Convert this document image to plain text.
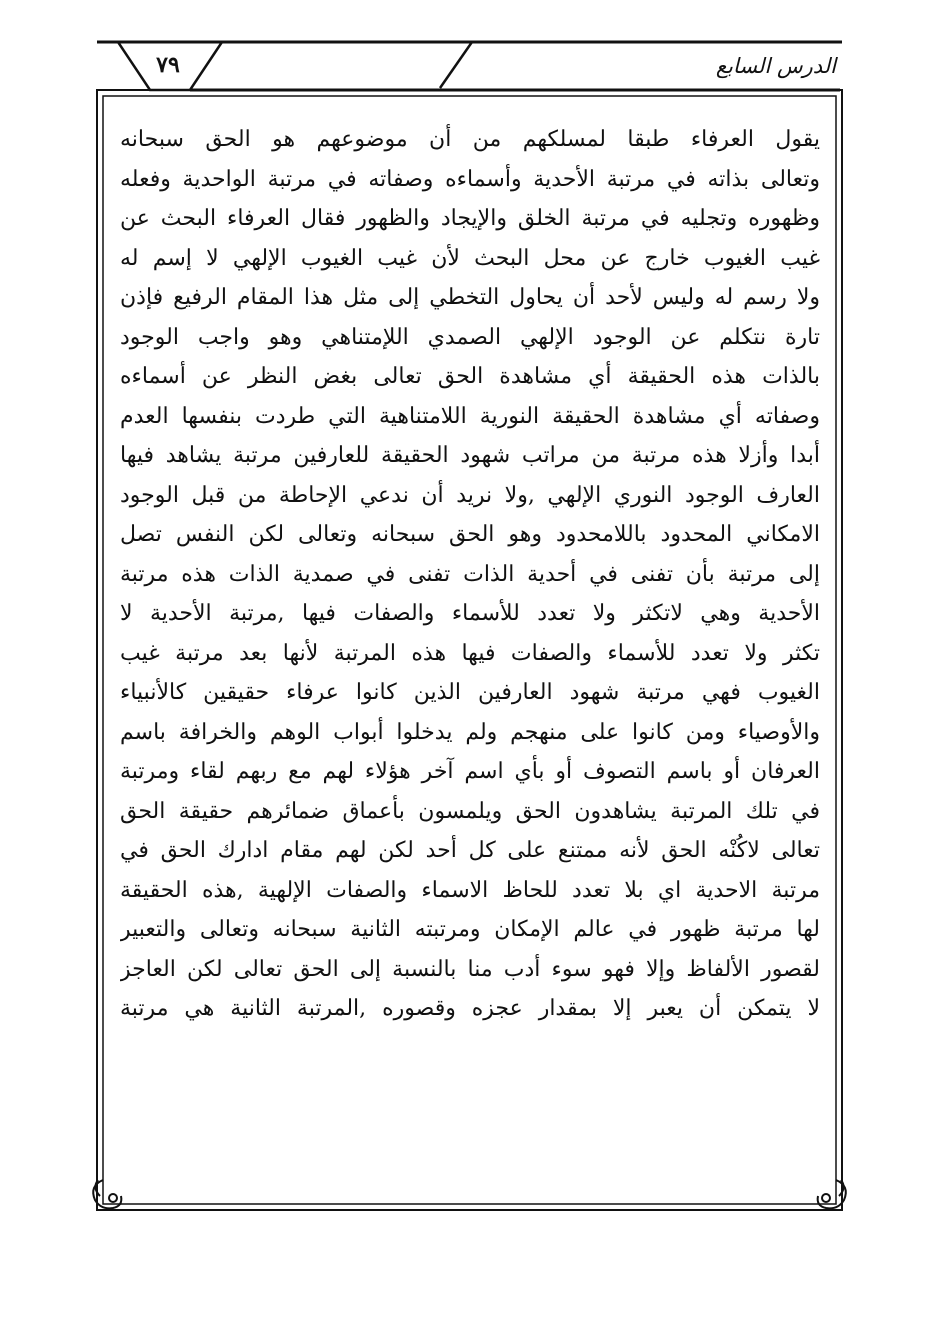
٧٩	الدرس السابع
يقول العرفاء طبقا لمسلكهم من أن موضوعهم هو الحق سبحانه
وتعالى بذاته في مرتبة الأحدية وأسماءه وصفاته في مرتبة الواحدية وفعله
وظهوره وتجليه في مرتبة الخلق والإيجاد والظهور فقال العرفاء البحث عن
غيب الغيوب خارج عن محل البحث لأن غيب الغيوب الإلهي لا إسم له
ولا رسم له وليس لأحد أن يحاول التخطي إلى مثل هذا المقام الرفيع فإذن
تارة نتكلم عن الوجود الإلهي الصمدي اللإمتناهي وهو واجب الوجود
بالذات هذه الحقيقة أي مشاهدة الحق تعالى بغض النظر عن أسماءه
وصفاته أي مشاهدة الحقيقة النورية اللامتناهية التي طردت بنفسها العدم
أبدا وأزلا هذه مرتبة من مراتب شهود الحقيقة للعارفين مرتبة يشاهد فيها
العارف الوجود النوري الإلهي ,ولا نريد أن ندعي الإحاطة من قبل الوجود
الامكاني المحدود باللامحدود وهو الحق سبحانه وتعالى لكن النفس تصل
إلى مرتبة بأن تفنى في أحدية الذات تفنى في صمدية الذات هذه مرتبة
الأحدية وهي لاتكثر ولا تعدد للأسماء والصفات فيها ,مرتبة الأحدية لا
تكثر ولا تعدد للأسماء والصفات فيها هذه المرتبة لأنها بعد مرتبة غيب
الغيوب فهي مرتبة شهود العارفين الذين كانوا عرفاء حقيقين كالأنبياء
والأوصياء ومن كانوا على منهجم ولم يدخلوا أبواب الوهم والخرافة باسم
العرفان أو باسم التصوف أو بأي اسم آخر هؤلاء لهم مع ربهم لقاء ومرتبة
في تلك المرتبة يشاهدون الحق ويلمسون بأعماق ضمائرهم حقيقة الحق
تعالى لاكُنْه الحق لأنه ممتنع على كل أحد لكن لهم مقام ادارك الحق في
مرتبة الاحدية اي بلا تعدد للحاظ الاسماء والصفات الإلهية ,هذه الحقيقة
لها مرتبة ظهور في عالم الإمكان ومرتبته الثانية سبحانه وتعالى والتعبير
لقصور الألفاظ وإلا فهو سوء أدب منا بالنسبة إلى الحق تعالى لكن العاجز
لا يتمكن أن يعبر إلا بمقدار عجزه وقصوره ,المرتبة الثانية هي مرتبة
